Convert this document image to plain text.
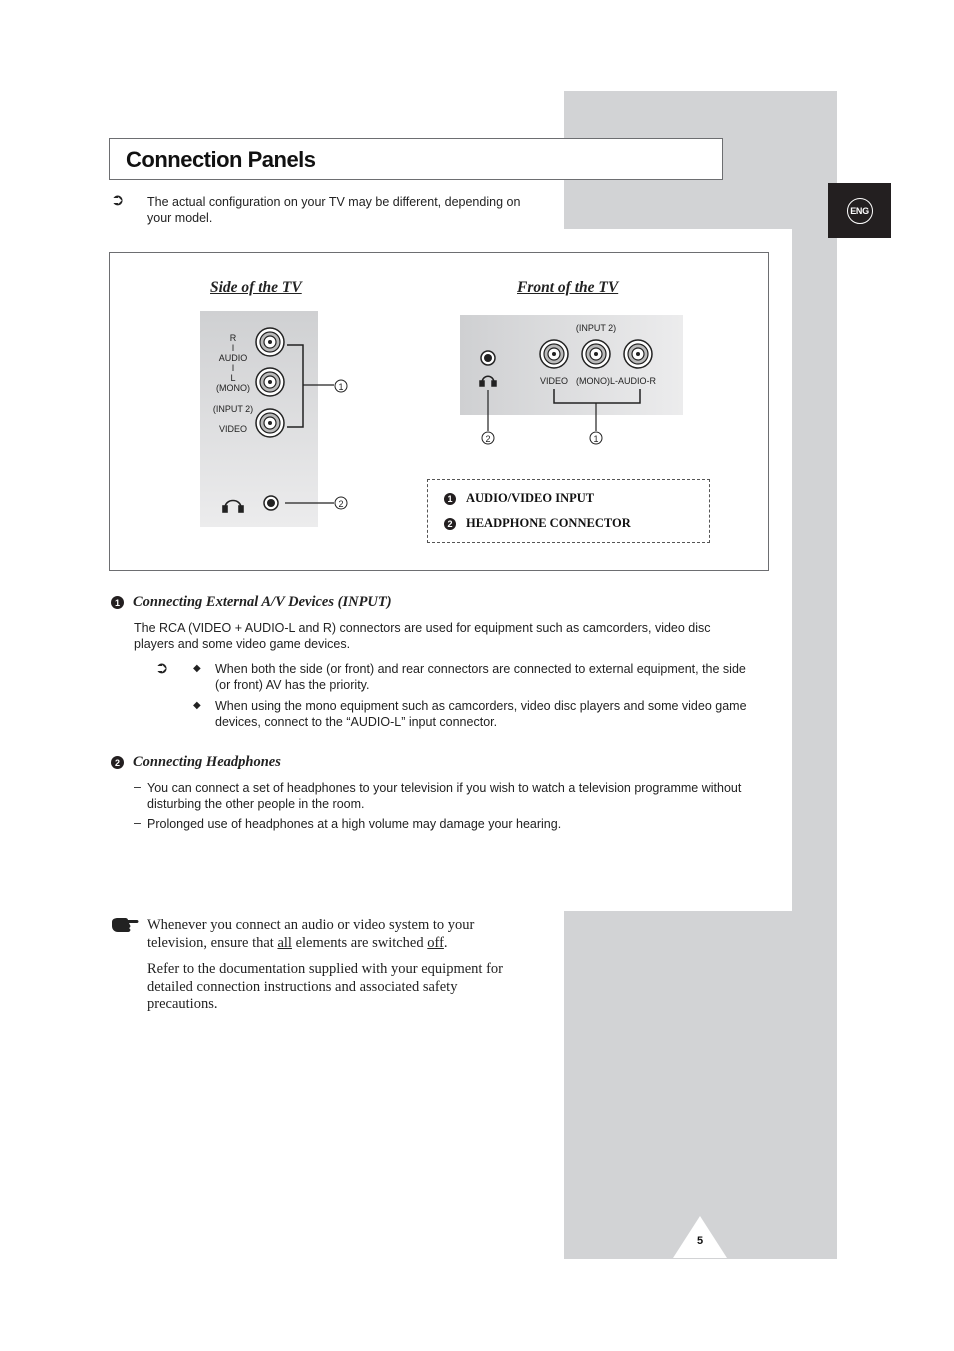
ENG
Connection Panels
➲ The actual configuration on your TV may be different, depending on
your model.
Side of the TV	Front of the TV
R
I
AUDIO
I
L
(MONO)
(INPUT 2)
VIDEO
1
2
(INPUT 2)
VIDEO (MONO)L-AUDIO-R
1
2
1 AUDIO/VIDEO INPUT
2 HEADPHONE CONNECTOR
1 Connecting External A/V Devices (INPUT)
The RCA (VIDEO + AUDIO-L and R) connectors are used for equipment such as camcorders, video disc
players and some video game devices.
➲ ◆ When both the side (or front) and rear connectors are connected to external equipment, the side
(or front) AV has the priority.
◆ When using the mono equipment such as camcorders, video disc players and some video game
devices, connect to the “AUDIO-L” input connector.
2 Connecting Headphones
– You can connect a set of headphones to your television if you wish to watch a television programme without
disturbing the other people in the room.
– Prolonged use of headphones at a high volume may damage your hearing.
Whenever you connect an audio or video system to your
television, ensure that all elements are switched off.
Refer to the documentation supplied with your equipment for
detailed connection instructions and associated safety
precautions.
5
